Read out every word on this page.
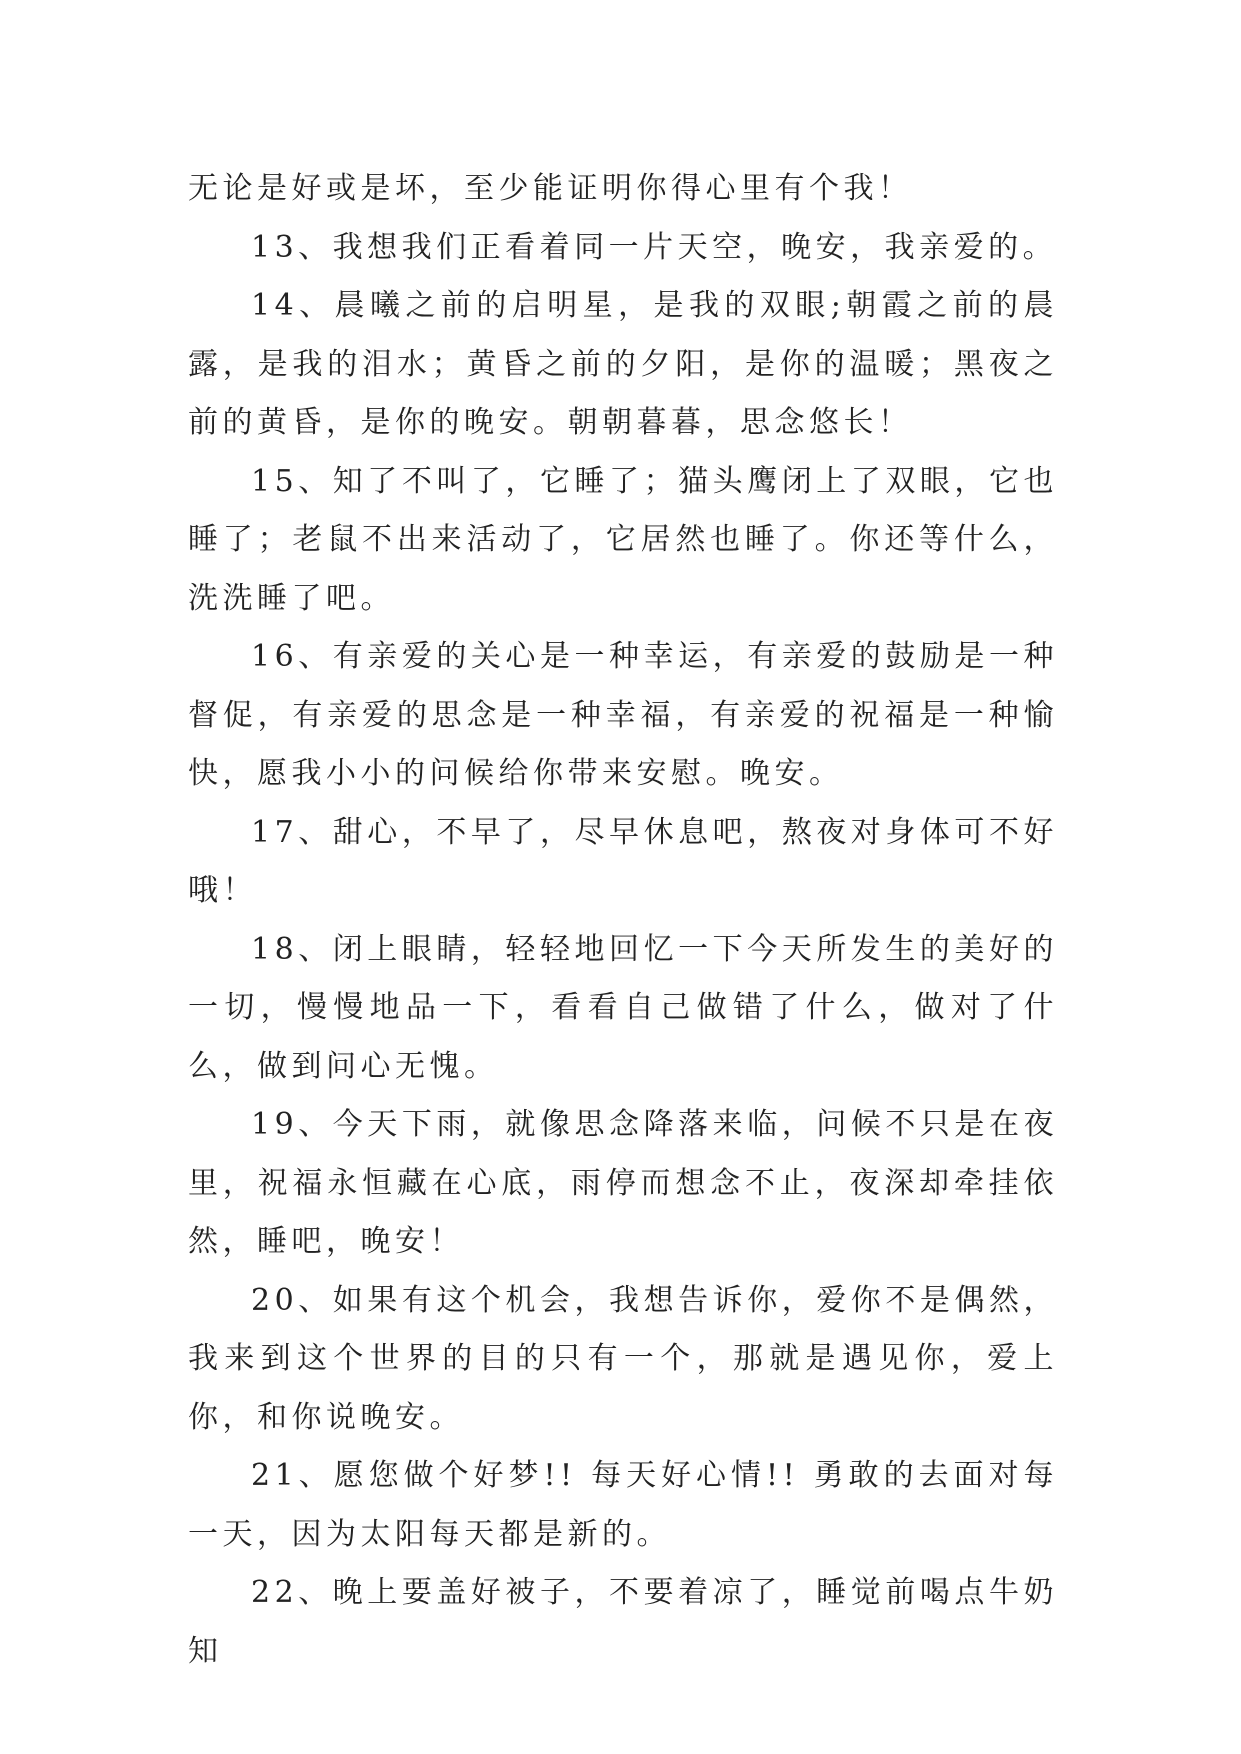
无论是好或是坏，至少能证明你得心里有个我！

13、我想我们正看着同一片天空，晚安，我亲爱的。

14、晨曦之前的启明星，是我的双眼;朝霞之前的晨露，是我的泪水；黄昏之前的夕阳，是你的温暖；黑夜之前的黄昏，是你的晚安。朝朝暮暮，思念悠长！

15、知了不叫了，它睡了；猫头鹰闭上了双眼，它也睡了；老鼠不出来活动了，它居然也睡了。你还等什么，洗洗睡了吧。

16、有亲爱的关心是一种幸运，有亲爱的鼓励是一种督促，有亲爱的思念是一种幸福，有亲爱的祝福是一种愉快，愿我小小的问候给你带来安慰。晚安。

17、甜心，不早了，尽早休息吧，熬夜对身体可不好哦！

18、闭上眼睛，轻轻地回忆一下今天所发生的美好的一切，慢慢地品一下，看看自己做错了什么，做对了什么，做到问心无愧。

19、今天下雨，就像思念降落来临，问候不只是在夜里，祝福永恒藏在心底，雨停而想念不止，夜深却牵挂依然，睡吧，晚安！

20、如果有这个机会，我想告诉你，爱你不是偶然，我来到这个世界的目的只有一个，那就是遇见你，爱上你，和你说晚安。

21、愿您做个好梦!! 每天好心情!! 勇敢的去面对每一天，因为太阳每天都是新的。

22、晚上要盖好被子，不要着凉了，睡觉前喝点牛奶知
